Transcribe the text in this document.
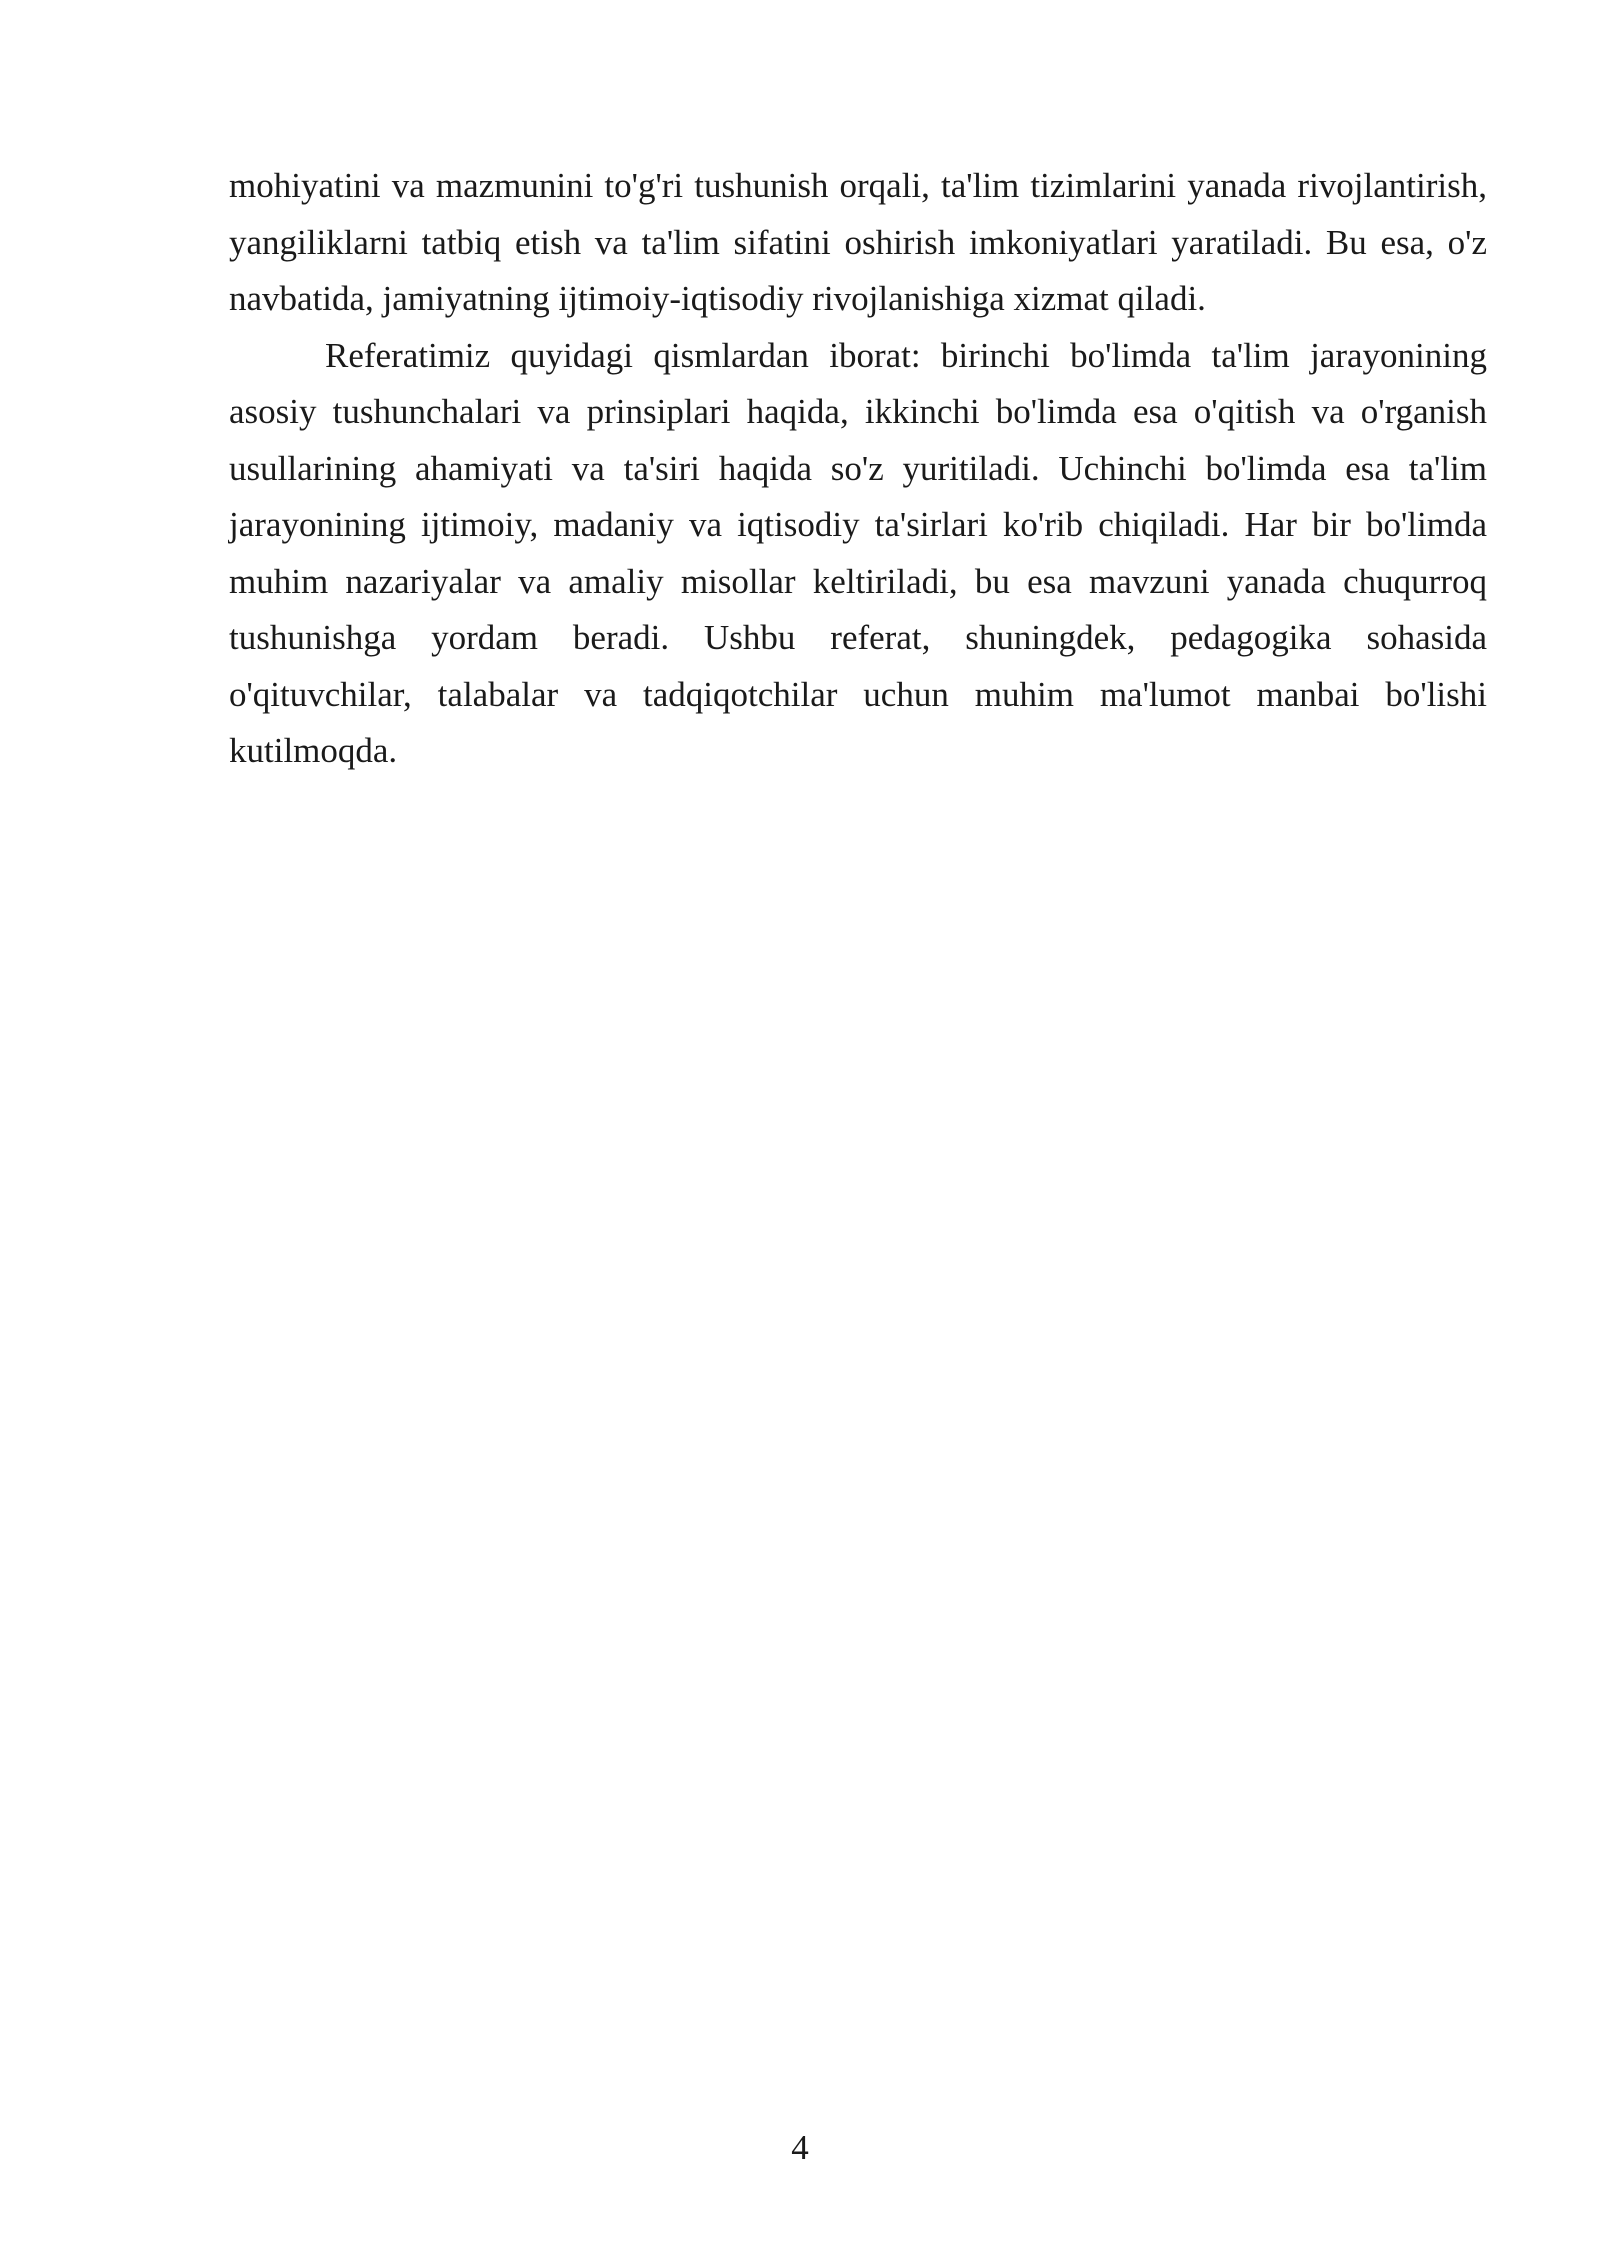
mohiyatini va mazmunini to'g'ri tushunish orqali, ta'lim tizimlarini yanada rivojlantirish, yangiliklarni tatbiq etish va ta'lim sifatini oshirish imkoniyatlari yaratiladi. Bu esa, o'z navbatida, jamiyatning ijtimoiy-iqtisodiy rivojlanishiga xizmat qiladi.

Referatimiz quyidagi qismlardan iborat: birinchi bo'limda ta'lim jarayonining asosiy tushunchalari va prinsiplari haqida, ikkinchi bo'limda esa o'qitish va o'rganish usullarining ahamiyati va ta'siri haqida so'z yuritiladi. Uchinchi bo'limda esa ta'lim jarayonining ijtimoiy, madaniy va iqtisodiy ta'sirlari ko'rib chiqiladi. Har bir bo'limda muhim nazariyalar va amaliy misollar keltiriladi, bu esa mavzuni yanada chuqurroq tushunishga yordam beradi. Ushbu referat, shuningdek, pedagogika sohasida o'qituvchilar, talabalar va tadqiqotchilar uchun muhim ma'lumot manbai bo'lishi kutilmoqda.

4
